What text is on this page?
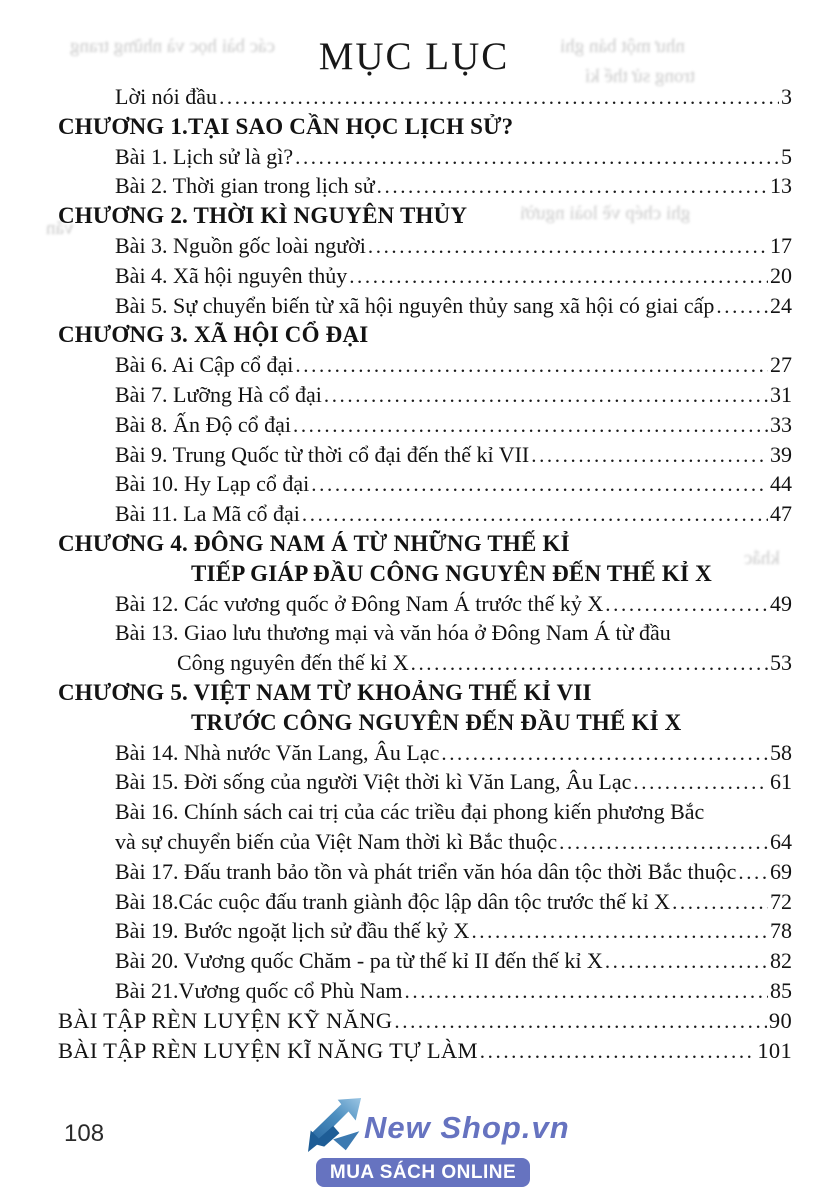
các bài học và những trang	như một bản ghi
trong sử thế kỉ
ghi chép về loài người
văn
khắc
MỤC LỤC
Lời nói đầu .....	3
CHƯƠNG 1.TẠI SAO CẦN HỌC LỊCH SỬ?
Bài 1. Lịch sử là gì? .....	5
Bài 2. Thời gian trong lịch sử .....	13
CHƯƠNG 2. THỜI KÌ NGUYÊN THỦY
Bài 3. Nguồn gốc loài người .....	17
Bài 4. Xã hội nguyên thủy .....	20
Bài 5. Sự chuyển biến từ xã hội nguyên thủy sang xã hội có giai cấp .....	24
CHƯƠNG 3. XÃ HỘI CỔ ĐẠI
Bài 6. Ai Cập cổ đại .....	27
Bài 7. Lưỡng Hà cổ đại .....	31
Bài 8. Ấn Độ cổ đại .....	33
Bài 9. Trung Quốc từ thời cổ đại đến thế kỉ VII .....	39
Bài 10. Hy Lạp cổ đại .....	44
Bài 11. La Mã cổ đại .....	47
CHƯƠNG 4. ĐÔNG NAM Á TỪ NHỮNG THẾ KỈ
TIẾP GIÁP ĐẦU CÔNG NGUYÊN ĐẾN THẾ KỈ X
Bài 12. Các vương quốc ở Đông Nam Á trước thế kỷ X .....	49
Bài 13. Giao lưu thương mại và văn hóa ở Đông Nam Á từ đầu
Công nguyên đến thế kỉ X .....	53
CHƯƠNG 5. VIỆT NAM TỪ KHOẢNG THẾ KỈ VII
TRƯỚC CÔNG NGUYÊN ĐẾN ĐẦU THẾ KỈ X
Bài 14. Nhà nước Văn Lang, Âu Lạc .....	58
Bài 15. Đời sống của người Việt thời kì Văn Lang, Âu Lạc .....	61
Bài 16. Chính sách cai trị của các triều đại phong kiến phương Bắc
và sự chuyển biến của Việt Nam thời kì Bắc thuộc .....	64
Bài 17. Đấu tranh bảo tồn và phát triển văn hóa dân tộc thời Bắc thuộc ..... 69
Bài 18.Các cuộc đấu tranh giành độc lập dân tộc trước thế kỉ X .....	72
Bài 19. Bước ngoặt lịch sử đầu thế kỷ X .....	78
Bài 20. Vương quốc Chăm - pa từ thế kỉ II đến thế kỉ X .....	82
Bài 21.Vương quốc cổ Phù Nam .....	85
BÀI TẬP RÈN LUYỆN KỸ NĂNG .....	90
BÀI TẬP RÈN LUYỆN KĨ NĂNG TỰ LÀM .....	101
108	New Shop.vn
MUA SÁCH ONLINE
